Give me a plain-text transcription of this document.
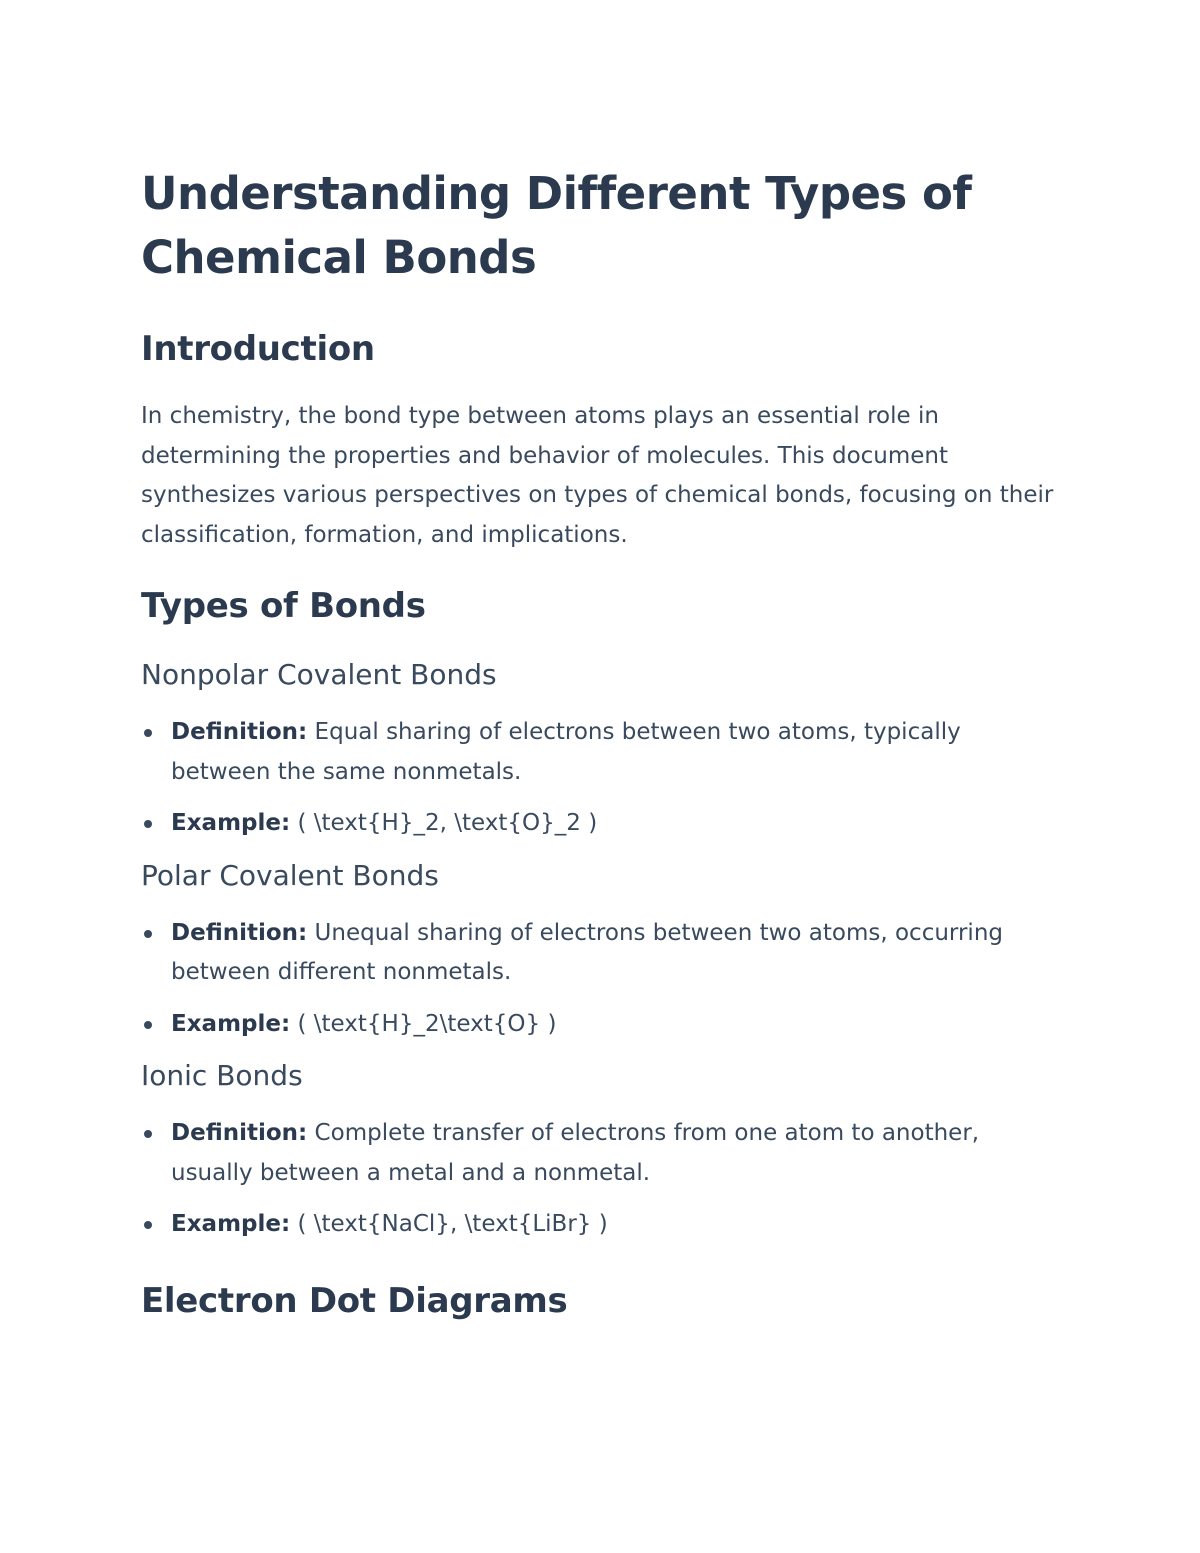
Understanding Different Types of Chemical Bonds
Introduction

In chemistry, the bond type between atoms plays an essential role in determining the properties and behavior of molecules. This document synthesizes various perspectives on types of chemical bonds, focusing on their classification, formation, and implications.

Types of Bonds
Nonpolar Covalent Bonds
Definition: Equal sharing of electrons between two atoms, typically between the same nonmetals.
Example: ( \text{H}_2, \text{O}_2 )
Polar Covalent Bonds
Definition: Unequal sharing of electrons between two atoms, occurring between different nonmetals.
Example: ( \text{H}_2\text{O} )
Ionic Bonds
Definition: Complete transfer of electrons from one atom to another, usually between a metal and a nonmetal.
Example: ( \text{NaCl}, \text{LiBr} )
Electron Dot Diagrams
